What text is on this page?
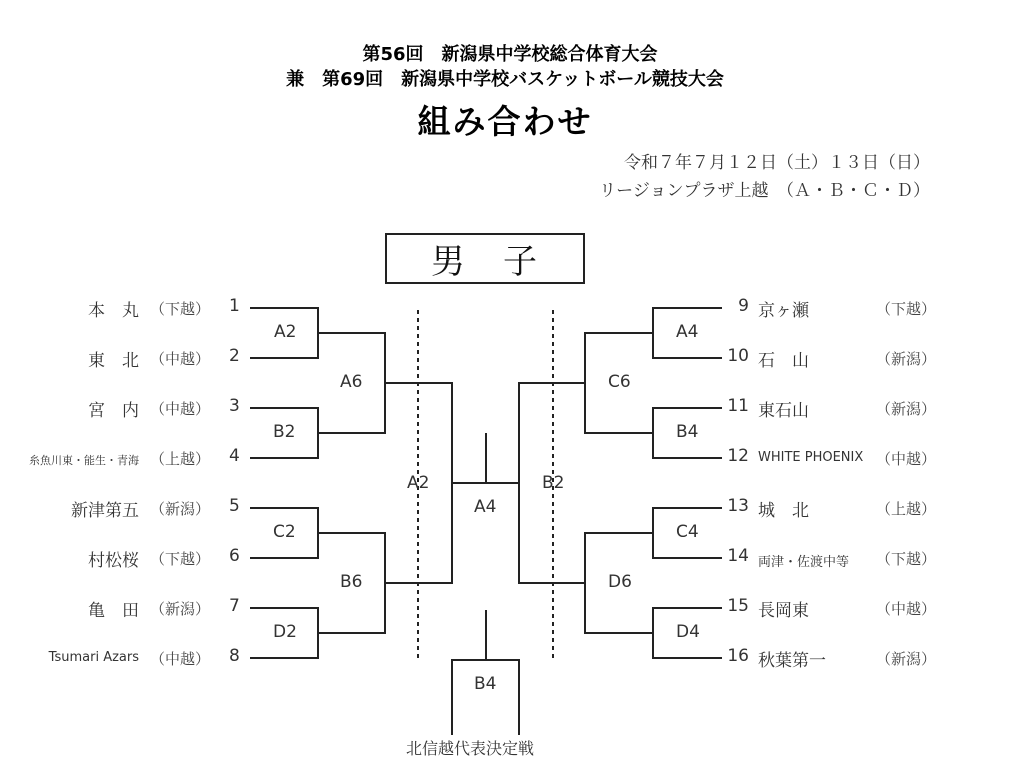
第56回　新潟県中学校総合体育大会
兼　第69回　新潟県中学校バスケットボール競技大会
組み合わせ
令和７年７月１２日（土）１３日（日）
リージョンプラザ上越　（Ａ・Ｂ・Ｃ・Ｄ）
男　子
本　丸 （下越） 1
東　北 （中越） 2
宮　内 （中越） 3
糸魚川東・能生・青海 （上越） 4
新津第五 （新潟） 5
村松桜 （下越） 6
亀　田 （新潟） 7
Tsumari Azars （中越） 8
9 京ヶ瀬	（下越）
10 石　山	（新潟）
11 東石山	（新潟）
12 WHITE PHOENIX （中越）
13 城　北	（上越）
14 両津・佐渡中等 （下越）
15 長岡東	（中越）
16 秋葉第一	（新潟）
A2
B2
C2
D2
A6
B6
A2
A4
B2
C6
D6
A4
B4
C4
D4
B4
北信越代表決定戦
